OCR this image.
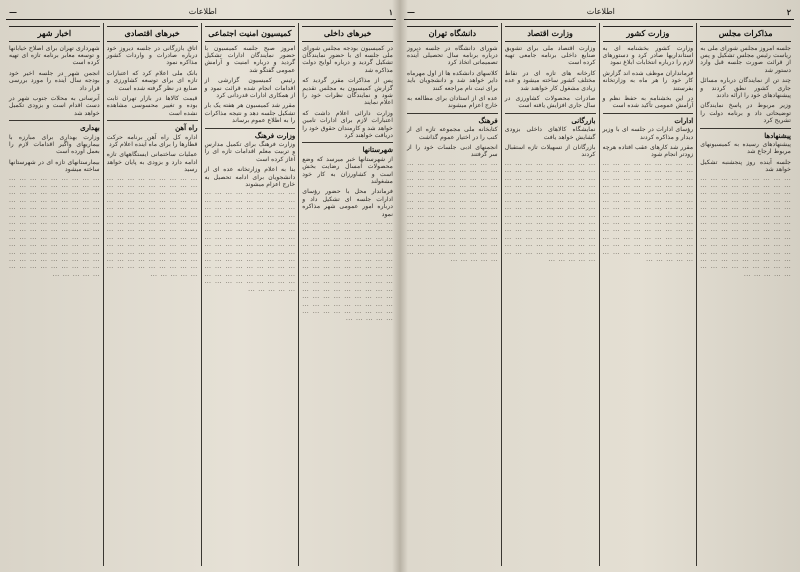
۱
اطلاعات
—
خبرهای داخلی

در کمیسیون بودجه مجلس شورای ملی جلسه ای با حضور نمایندگان تشکیل گردید و درباره لوایح دولت مذاکره شد

پس از مذاکرات مقرر گردید که گزارش کمیسیون به مجلس تقدیم شود و نمایندگان نظرات خود را اعلام نمایند

وزارت دارائی اعلام داشت که اعتبارات لازم برای ادارات تامین خواهد شد و کارمندان حقوق خود را دریافت خواهند کرد

شهرستانها

از شهرستانها خبر میرسد که وضع محصولات امسال رضایت بخش است و کشاورزان به کار خود مشغولند

فرماندار محل با حضور رؤسای ادارات جلسه ای تشکیل داد و درباره امور عمومی شهر مذاکره نمود

··· ··· ··· ··· ··· ··· ··· ··· ··· ··· ··· ··· ··· ··· ··· ··· ··· ··· ··· ··· ··· ··· ··· ··· ··· ··· ··· ··· ··· ··· ··· ··· ··· ··· ··· ··· ··· ··· ··· ··· ··· ··· ··· ··· ··· ··· ··· ··· ··· ··· ··· ··· ··· ··· ··· ··· ··· ··· ··· ··· ··· ··· ··· ··· ··· ··· ··· ··· ··· ··· ··· ··· ··· ··· ··· ··· ··· ··· ··· ··· ··· ··· ··· ··· ··· ··· ··· ··· ··· ··· ··· ··· ··· ··· ··· ··· ··· ··· ··· ··· ··· ··· ··· ··· ··· ··· ··· ··· ··· ··· ··· ··· ··· ··· ··· ··· ··· ··· ··· ··· ··· ···

کمیسیون امنیت اجتماعی

امروز صبح جلسه کمیسیون با حضور نمایندگان ادارات تشکیل گردید و درباره امنیت و آرامش عمومی گفتگو شد

رئیس کمیسیون گزارشی از اقدامات انجام شده قرائت نمود و از همکاری ادارات قدردانی کرد

مقرر شد کمیسیون هر هفته یک بار تشکیل جلسه دهد و نتیجه مذاکرات را به اطلاع عموم برساند

وزارت فرهنگ

وزارت فرهنگ برای تکمیل مدارس و تربیت معلم اقدامات تازه ای را آغاز کرده است

بنا به اعلام وزارتخانه عده ای از دانشجویان برای ادامه تحصیل به خارج اعزام میشوند

··· ··· ··· ··· ··· ··· ··· ··· ··· ··· ··· ··· ··· ··· ··· ··· ··· ··· ··· ··· ··· ··· ··· ··· ··· ··· ··· ··· ··· ··· ··· ··· ··· ··· ··· ··· ··· ··· ··· ··· ··· ··· ··· ··· ··· ··· ··· ··· ··· ··· ··· ··· ··· ··· ··· ··· ··· ··· ··· ··· ··· ··· ··· ··· ··· ··· ··· ··· ··· ··· ··· ··· ··· ··· ··· ··· ··· ··· ··· ··· ··· ··· ··· ··· ··· ··· ··· ··· ··· ··· ··· ··· ··· ··· ··· ··· ··· ··· ··· ··· ··· ··· ··· ··· ··· ··· ··· ··· ··· ··· ··· ··· ··· ··· ··· ··· ··· ··· ··· ··· ··· ···

خبرهای اقتصادی

اتاق بازرگانی در جلسه دیروز خود درباره صادرات و واردات کشور مذاکره نمود

بانک ملی اعلام کرد که اعتبارات تازه ای برای توسعه کشاورزی و صنایع در نظر گرفته شده است

قیمت کالاها در بازار تهران ثابت بوده و تغییر محسوسی مشاهده نشده است

راه آهن

اداره کل راه آهن برنامه حرکت قطارها را برای ماه آینده اعلام کرد

عملیات ساختمانی ایستگاههای تازه ادامه دارد و بزودی به پایان خواهد رسید

··· ··· ··· ··· ··· ··· ··· ··· ··· ··· ··· ··· ··· ··· ··· ··· ··· ··· ··· ··· ··· ··· ··· ··· ··· ··· ··· ··· ··· ··· ··· ··· ··· ··· ··· ··· ··· ··· ··· ··· ··· ··· ··· ··· ··· ··· ··· ··· ··· ··· ··· ··· ··· ··· ··· ··· ··· ··· ··· ··· ··· ··· ··· ··· ··· ··· ··· ··· ··· ··· ··· ··· ··· ··· ··· ··· ··· ··· ··· ··· ··· ··· ··· ··· ··· ··· ··· ··· ··· ··· ··· ··· ··· ··· ··· ··· ··· ··· ··· ··· ··· ··· ··· ··· ··· ··· ··· ··· ··· ··· ··· ··· ··· ··· ··· ··· ··· ··· ··· ··· ··· ···

اخبار شهر

شهرداری تهران برای اصلاح خیابانها و توسعه معابر برنامه تازه ای تهیه کرده است

انجمن شهر در جلسه اخیر خود بودجه سال آینده را مورد بررسی قرار داد

آبرسانی به محلات جنوب شهر در دست اقدام است و بزودی تکمیل خواهد شد

بهداری

وزارت بهداری برای مبارزه با بیماریهای واگیر اقدامات لازم را بعمل آورده است

بیمارستانهای تازه ای در شهرستانها ساخته میشود

··· ··· ··· ··· ··· ··· ··· ··· ··· ··· ··· ··· ··· ··· ··· ··· ··· ··· ··· ··· ··· ··· ··· ··· ··· ··· ··· ··· ··· ··· ··· ··· ··· ··· ··· ··· ··· ··· ··· ··· ··· ··· ··· ··· ··· ··· ··· ··· ··· ··· ··· ··· ··· ··· ··· ··· ··· ··· ··· ··· ··· ··· ··· ··· ··· ··· ··· ··· ··· ··· ··· ··· ··· ··· ··· ··· ··· ··· ··· ··· ··· ··· ··· ··· ··· ··· ··· ··· ··· ··· ··· ··· ··· ··· ··· ··· ··· ··· ··· ··· ··· ··· ··· ··· ··· ··· ··· ··· ··· ··· ··· ··· ··· ··· ··· ··· ··· ··· ··· ··· ··· ···

۲
اطلاعات
—
مذاکرات مجلس

جلسه امروز مجلس شورای ملی به ریاست رئیس مجلس تشکیل و پس از قرائت صورت جلسه قبل وارد دستور شد

چند تن از نمایندگان درباره مسائل جاری کشور نطق کردند و پیشنهادهای خود را ارائه دادند

وزیر مربوط در پاسخ نمایندگان توضیحاتی داد و برنامه دولت را تشریح کرد

پیشنهادها

پیشنهادهای رسیده به کمیسیونهای مربوط ارجاع شد

جلسه آینده روز پنجشنبه تشکیل خواهد شد

··· ··· ··· ··· ··· ··· ··· ··· ··· ··· ··· ··· ··· ··· ··· ··· ··· ··· ··· ··· ··· ··· ··· ··· ··· ··· ··· ··· ··· ··· ··· ··· ··· ··· ··· ··· ··· ··· ··· ··· ··· ··· ··· ··· ··· ··· ··· ··· ··· ··· ··· ··· ··· ··· ··· ··· ··· ··· ··· ··· ··· ··· ··· ··· ··· ··· ··· ··· ··· ··· ··· ··· ··· ··· ··· ··· ··· ··· ··· ··· ··· ··· ··· ··· ··· ··· ··· ··· ··· ··· ··· ··· ··· ··· ··· ··· ··· ··· ··· ··· ··· ··· ··· ··· ··· ··· ··· ··· ··· ··· ··· ··· ··· ··· ··· ··· ··· ··· ··· ··· ··· ···

وزارت کشور

وزارت کشور بخشنامه ای به استانداریها صادر کرد و دستورهای لازم را درباره انتخابات ابلاغ نمود

فرمانداران موظف شده اند گزارش کار خود را هر ماه به وزارتخانه بفرستند

در این بخشنامه به حفظ نظم و آرامش عمومی تأکید شده است

ادارات

رؤسای ادارات در جلسه ای با وزیر دیدار و مذاکره کردند

مقرر شد کارهای عقب افتاده هرچه زودتر انجام شود

··· ··· ··· ··· ··· ··· ··· ··· ··· ··· ··· ··· ··· ··· ··· ··· ··· ··· ··· ··· ··· ··· ··· ··· ··· ··· ··· ··· ··· ··· ··· ··· ··· ··· ··· ··· ··· ··· ··· ··· ··· ··· ··· ··· ··· ··· ··· ··· ··· ··· ··· ··· ··· ··· ··· ··· ··· ··· ··· ··· ··· ··· ··· ··· ··· ··· ··· ··· ··· ··· ··· ··· ··· ··· ··· ··· ··· ··· ··· ··· ··· ··· ··· ··· ··· ··· ··· ··· ··· ··· ··· ··· ··· ··· ··· ··· ··· ··· ··· ··· ··· ··· ··· ··· ··· ··· ··· ··· ··· ··· ··· ··· ··· ··· ··· ··· ··· ··· ··· ··· ··· ···

وزارت اقتصاد

وزارت اقتصاد ملی برای تشویق صنایع داخلی برنامه جامعی تهیه کرده است

کارخانه های تازه ای در نقاط مختلف کشور ساخته میشود و عده زیادی مشغول کار خواهند شد

صادرات محصولات کشاورزی در سال جاری افزایش یافته است

بازرگانی

نمایشگاه کالاهای داخلی بزودی گشایش خواهد یافت

بازرگانان از تسهیلات تازه استقبال کردند

··· ··· ··· ··· ··· ··· ··· ··· ··· ··· ··· ··· ··· ··· ··· ··· ··· ··· ··· ··· ··· ··· ··· ··· ··· ··· ··· ··· ··· ··· ··· ··· ··· ··· ··· ··· ··· ··· ··· ··· ··· ··· ··· ··· ··· ··· ··· ··· ··· ··· ··· ··· ··· ··· ··· ··· ··· ··· ··· ··· ··· ··· ··· ··· ··· ··· ··· ··· ··· ··· ··· ··· ··· ··· ··· ··· ··· ··· ··· ··· ··· ··· ··· ··· ··· ··· ··· ··· ··· ··· ··· ··· ··· ··· ··· ··· ··· ··· ··· ··· ··· ··· ··· ··· ··· ··· ··· ··· ··· ··· ··· ··· ··· ··· ··· ··· ··· ··· ··· ··· ··· ···

دانشگاه تهران

شورای دانشگاه در جلسه دیروز درباره برنامه سال تحصیلی آینده تصمیماتی اتخاذ کرد

کلاسهای دانشکده ها از اول مهرماه دایر خواهد شد و دانشجویان باید برای ثبت نام مراجعه کنند

عده ای از استادان برای مطالعه به خارج اعزام میشوند

فرهنگ

کتابخانه ملی مجموعه تازه ای از کتب را در اختیار عموم گذاشت

انجمنهای ادبی جلسات خود را از سر گرفتند

··· ··· ··· ··· ··· ··· ··· ··· ··· ··· ··· ··· ··· ··· ··· ··· ··· ··· ··· ··· ··· ··· ··· ··· ··· ··· ··· ··· ··· ··· ··· ··· ··· ··· ··· ··· ··· ··· ··· ··· ··· ··· ··· ··· ··· ··· ··· ··· ··· ··· ··· ··· ··· ··· ··· ··· ··· ··· ··· ··· ··· ··· ··· ··· ··· ··· ··· ··· ··· ··· ··· ··· ··· ··· ··· ··· ··· ··· ··· ··· ··· ··· ··· ··· ··· ··· ··· ··· ··· ··· ··· ··· ··· ··· ··· ··· ··· ··· ··· ··· ··· ··· ··· ··· ··· ··· ··· ··· ··· ··· ··· ··· ··· ··· ··· ··· ··· ··· ··· ··· ··· ···
